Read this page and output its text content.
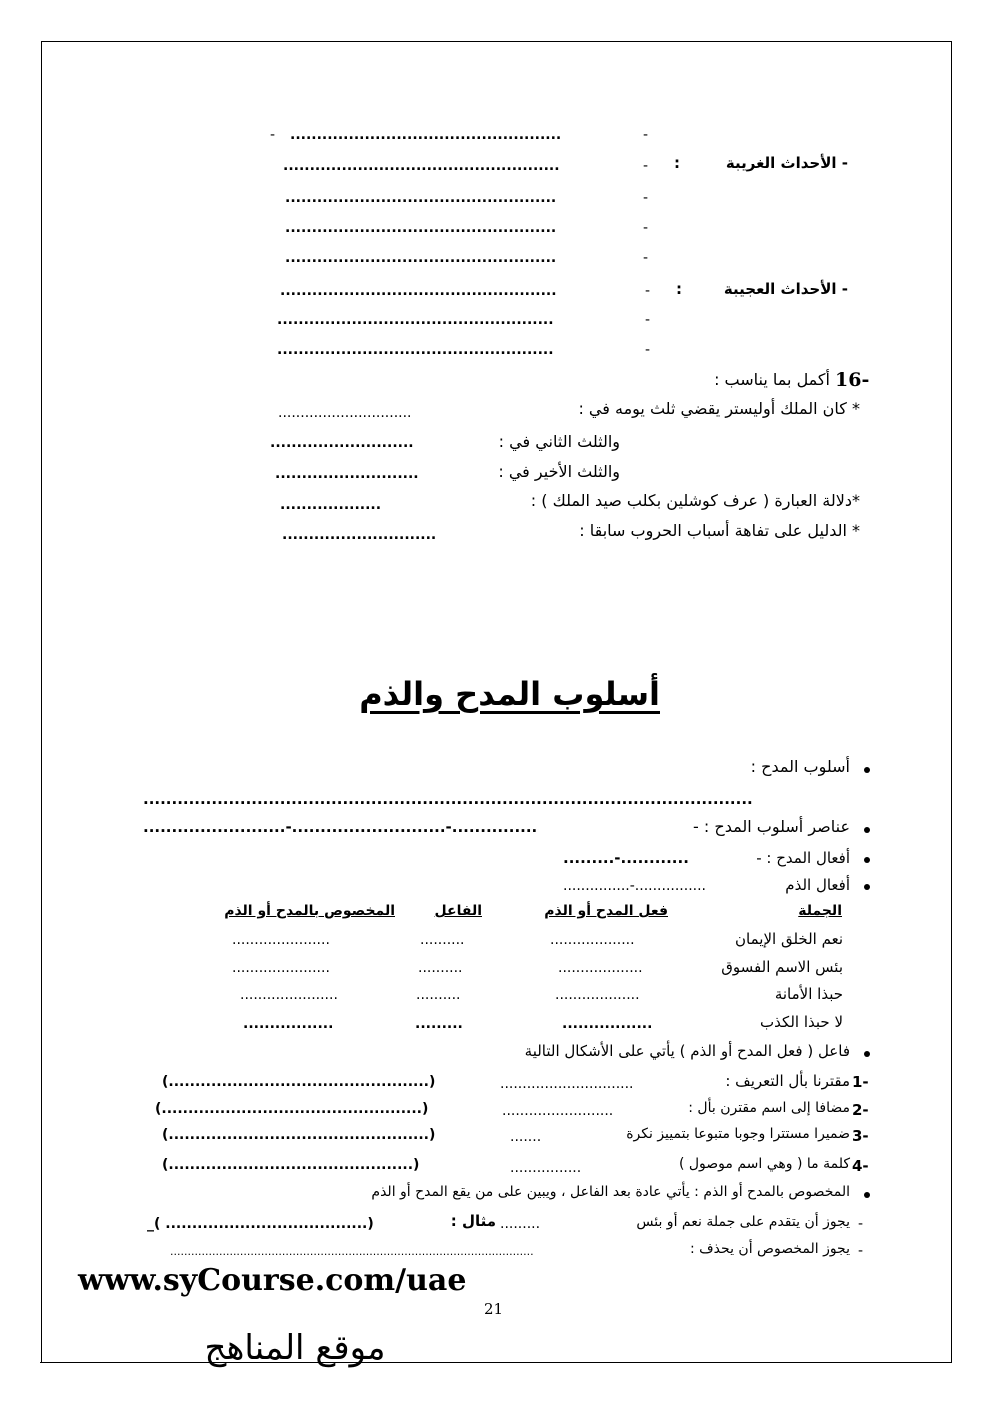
- ...................................................	-
- الأحداث الغريبة
:
-
....................................................
-
...................................................
-
...................................................
-
...................................................
- الأحداث العجيبة
:
-
....................................................
-
....................................................
-
....................................................
16-
أكمل بما يناسب :
* كان الملك أوليستر يقضي ثلث يومه في :
..............................
والثلث الثاني في :
...........................
والثلث الأخير في :
...........................
*دلالة العبارة ( عرف كوشلين بكلب صيد الملك ) :
...................
* الدليل على تفاهة أسباب الحروب سابقا :
.............................
أسلوب المدح والذم
أسلوب المدح :
...........................................................................................................
عناصر أسلوب المدح : -
.........................-...........................-...............
أفعال المدح : -
.........-............
أفعال الذم
...............-................
الجملة
فعل المدح أو الذم
الفاعل
المخصوص بالمدح أو الذم
نعم الخلق الإيمان
...................
..........
......................
بئس الاسم الفسوق
...................
..........
......................
حبذا الأمانة
...................
..........
......................
لا حبذا الكذب
.................
.........
.................
فاعل ( فعل المدح أو الذم ) يأتي على الأشكال التالية
1-
مقترنا بأل التعريف :
..............................
(.................................................)
2-
مضافا إلى اسم مقترن بأل :
.........................
(.................................................)
3-
ضميرا مستترا وجوبا متبوعا بتمييز نكرة
.......
(.................................................)
4-
كلمة ما ( وهي اسم موصول )
................
(..............................................)
المخصوص بالمدح أو الذم : يأتي عادة بعد الفاعل ، ويبين على من يقع المدح أو الذم
-
يجوز أن يتقدم على جملة نعم أو بئس
.........
مثال :
_( ......................................)
-
يجوز المخصوص أن يحذف :
........................................................................................................
www.syCourse.com/uae
21
موقع المناهج
